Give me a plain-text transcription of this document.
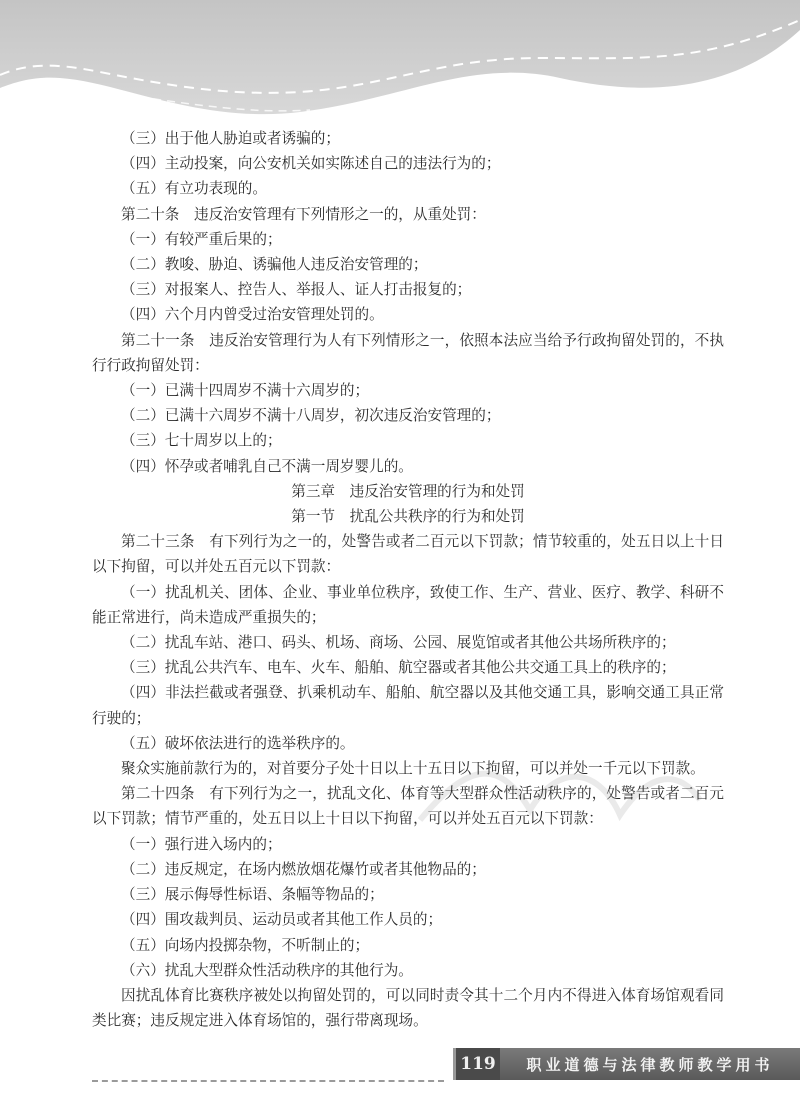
（三）出于他人胁迫或者诱骗的；

（四）主动投案，向公安机关如实陈述自己的违法行为的；

（五）有立功表现的。

第二十条　违反治安管理有下列情形之一的，从重处罚：

（一）有较严重后果的；

（二）教唆、胁迫、诱骗他人违反治安管理的；

（三）对报案人、控告人、举报人、证人打击报复的；

（四）六个月内曾受过治安管理处罚的。

第二十一条　违反治安管理行为人有下列情形之一，依照本法应当给予行政拘留处罚的，不执行行政拘留处罚：

（一）已满十四周岁不满十六周岁的；

（二）已满十六周岁不满十八周岁，初次违反治安管理的；

（三）七十周岁以上的；

（四）怀孕或者哺乳自己不满一周岁婴儿的。

第三章　违反治安管理的行为和处罚

第一节　扰乱公共秩序的行为和处罚

第二十三条　有下列行为之一的，处警告或者二百元以下罚款；情节较重的，处五日以上十日以下拘留，可以并处五百元以下罚款：

（一）扰乱机关、团体、企业、事业单位秩序，致使工作、生产、营业、医疗、教学、科研不能正常进行，尚未造成严重损失的；

（二）扰乱车站、港口、码头、机场、商场、公园、展览馆或者其他公共场所秩序的；

（三）扰乱公共汽车、电车、火车、船舶、航空器或者其他公共交通工具上的秩序的；

（四）非法拦截或者强登、扒乘机动车、船舶、航空器以及其他交通工具，影响交通工具正常行驶的；

（五）破坏依法进行的选举秩序的。

聚众实施前款行为的，对首要分子处十日以上十五日以下拘留，可以并处一千元以下罚款。

第二十四条　有下列行为之一，扰乱文化、体育等大型群众性活动秩序的，处警告或者二百元以下罚款；情节严重的，处五日以上十日以下拘留，可以并处五百元以下罚款：

（一）强行进入场内的；

（二）违反规定，在场内燃放烟花爆竹或者其他物品的；

（三）展示侮辱性标语、条幅等物品的；

（四）围攻裁判员、运动员或者其他工作人员的；

（五）向场内投掷杂物，不听制止的；

（六）扰乱大型群众性活动秩序的其他行为。

因扰乱体育比赛秩序被处以拘留处罚的，可以同时责令其十二个月内不得进入体育场馆观看同类比赛；违反规定进入体育场馆的，强行带离现场。

119 职业道德与法律教师教学用书
